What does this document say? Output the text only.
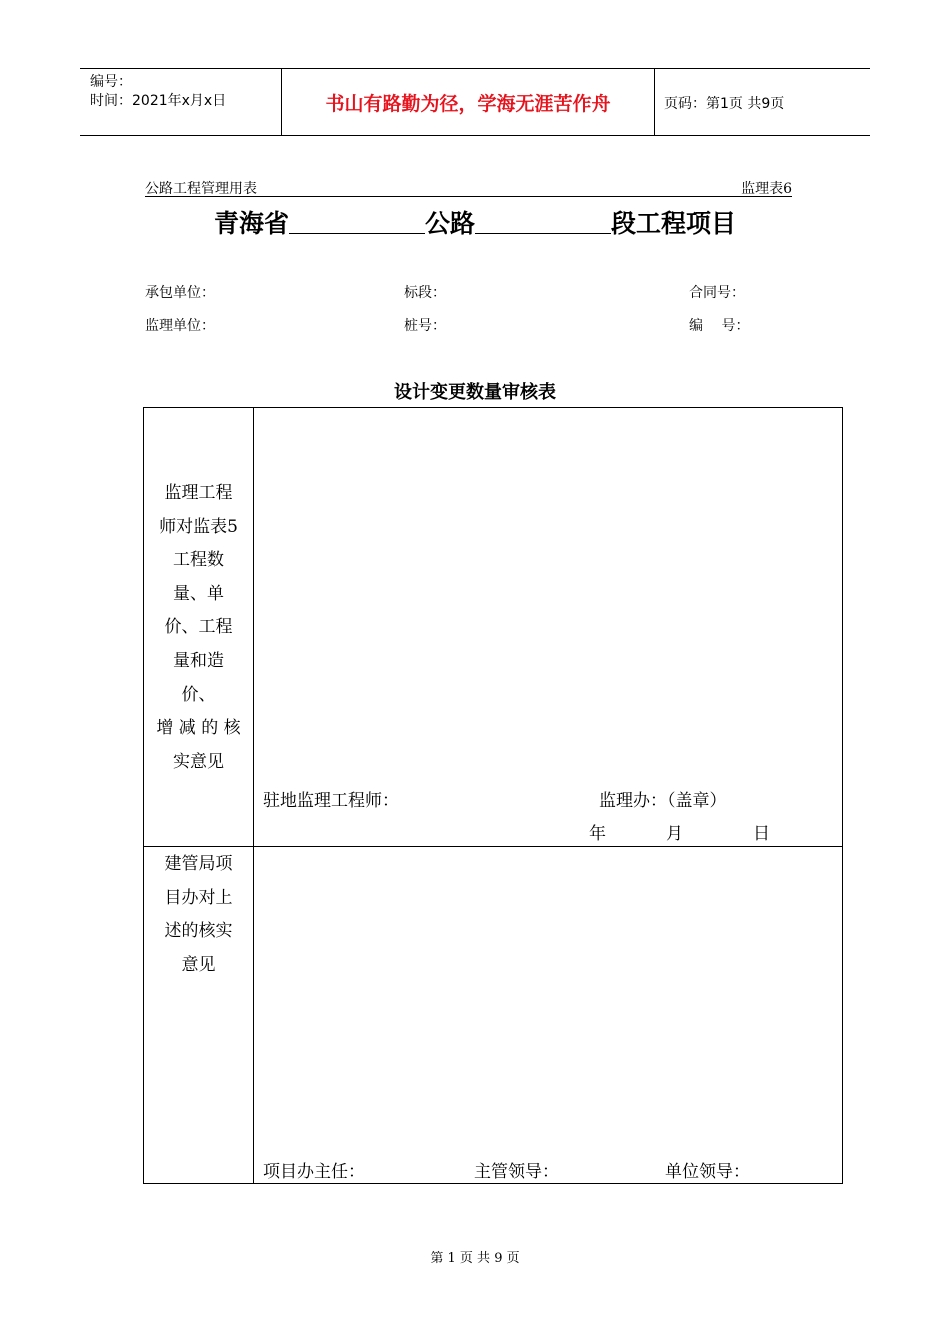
编号：
时间：2021年x月x日	书山有路勤为径，学海无涯苦作舟	页码：第1页 共9页
公路工程管理用表	监理表6
青海省	公路	段工程项目
承包单位：	标段：	合同号：
监理单位：	桩号：	编　 号：
设计变更数量审核表
监理工程
师对监表5
工程数
量、单
价、工程
量和造
价、
增 减 的 核
实意见
驻地监理工程师：	监理办：（盖章）
年	月	日
建管局项
目办对上
述的核实
意见
项目办主任：	主管领导：	单位领导：
第 1 页 共 9 页
